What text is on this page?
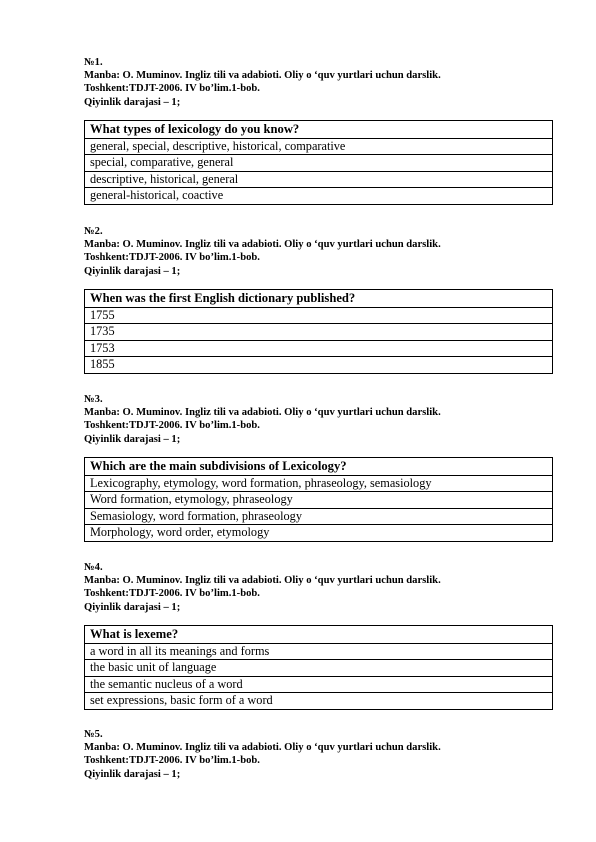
№1.
Manba: O. Muminov. Ingliz tili va adabioti. Oliy o ‘quv yurtlari uchun darslik.
Toshkent:TDJT-2006. IV bo’lim.1-bob.
Qiyinlik darajasi – 1;
What types of lexicology do you know?
general, special, descriptive, historical, comparative
special, comparative, general
descriptive, historical, general
general-historical, coactive
№2.
Manba: O. Muminov. Ingliz tili va adabioti. Oliy o ‘quv yurtlari uchun darslik.
Toshkent:TDJT-2006. IV bo’lim.1-bob.
Qiyinlik darajasi – 1;
When was the first English dictionary published?
1755
1735
1753
1855
№3.
Manba: O. Muminov. Ingliz tili va adabioti. Oliy o ‘quv yurtlari uchun darslik.
Toshkent:TDJT-2006. IV bo’lim.1-bob.
Qiyinlik darajasi – 1;
Which are the main subdivisions of Lexicology?
Lexicography, etymology, word formation, phraseology, semasiology
Word formation, etymology, phraseology
Semasiology, word formation, phraseology
Morphology, word order, etymology
№4.
Manba: O. Muminov. Ingliz tili va adabioti. Oliy o ‘quv yurtlari uchun darslik.
Toshkent:TDJT-2006. IV bo’lim.1-bob.
Qiyinlik darajasi – 1;
What is lexeme?
a word in all its meanings and forms
the basic unit of language
the semantic nucleus of a word
set expressions, basic form of a word
№5.
Manba: O. Muminov. Ingliz tili va adabioti. Oliy o ‘quv yurtlari uchun darslik.
Toshkent:TDJT-2006. IV bo’lim.1-bob.
Qiyinlik darajasi – 1;
